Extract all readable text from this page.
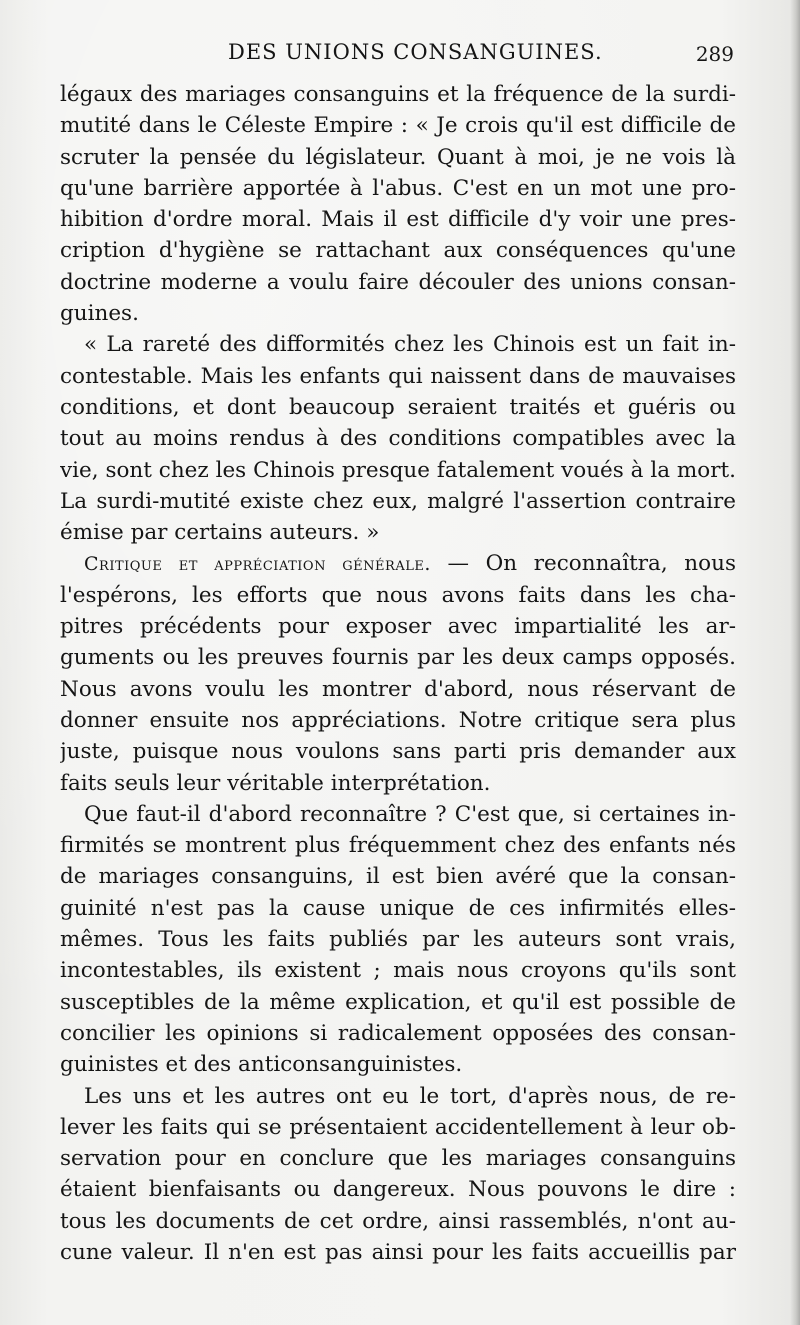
DES UNIONS CONSANGUINES.	289
légaux des mariages consanguins et la fréquence de la surdi-
mutité dans le Céleste Empire : « Je crois qu'il est difficile de
scruter la pensée du législateur. Quant à moi, je ne vois là
qu'une barrière apportée à l'abus. C'est en un mot une pro-
hibition d'ordre moral. Mais il est difficile d'y voir une pres-
cription d'hygiène se rattachant aux conséquences qu'une
doctrine moderne a voulu faire découler des unions consan-
guines.
« La rareté des difformités chez les Chinois est un fait in-
contestable. Mais les enfants qui naissent dans de mauvaises
conditions, et dont beaucoup seraient traités et guéris ou
tout au moins rendus à des conditions compatibles avec la
vie, sont chez les Chinois presque fatalement voués à la mort.
La surdi-mutité existe chez eux, malgré l'assertion contraire
émise par certains auteurs. »
Critique et appréciation générale. — On reconnaîtra, nous
l'espérons, les efforts que nous avons faits dans les cha-
pitres précédents pour exposer avec impartialité les ar-
guments ou les preuves fournis par les deux camps opposés.
Nous avons voulu les montrer d'abord, nous réservant de
donner ensuite nos appréciations. Notre critique sera plus
juste, puisque nous voulons sans parti pris demander aux
faits seuls leur véritable interprétation.
Que faut-il d'abord reconnaître ? C'est que, si certaines in-
firmités se montrent plus fréquemment chez des enfants nés
de mariages consanguins, il est bien avéré que la consan-
guinité n'est pas la cause unique de ces infirmités elles-
mêmes. Tous les faits publiés par les auteurs sont vrais,
incontestables, ils existent ; mais nous croyons qu'ils sont
susceptibles de la même explication, et qu'il est possible de
concilier les opinions si radicalement opposées des consan-
guinistes et des anticonsanguinistes.
Les uns et les autres ont eu le tort, d'après nous, de re-
lever les faits qui se présentaient accidentellement à leur ob-
servation pour en conclure que les mariages consanguins
étaient bienfaisants ou dangereux. Nous pouvons le dire :
tous les documents de cet ordre, ainsi rassemblés, n'ont au-
cune valeur. Il n'en est pas ainsi pour les faits accueillis par
